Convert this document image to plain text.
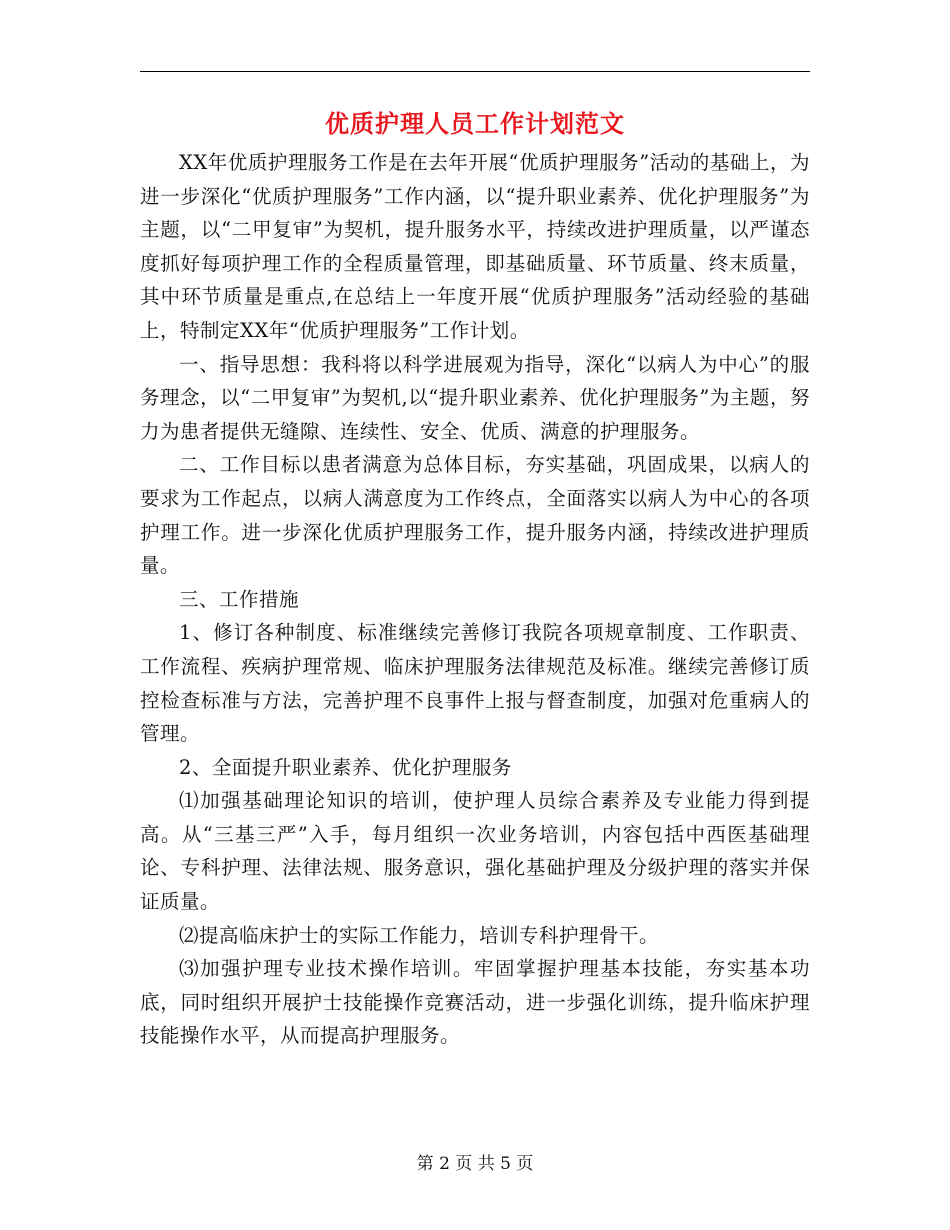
优质护理人员工作计划范文

XX年优质护理服务工作是在去年开展“优质护理服务”活动的基础上，为进一步深化“优质护理服务”工作内涵，以“提升职业素养、优化护理服务”为主题，以“二甲复审”为契机，提升服务水平，持续改进护理质量，以严谨态度抓好每项护理工作的全程质量管理，即基础质量、环节质量、终末质量，其中环节质量是重点,在总结上一年度开展“优质护理服务”活动经验的基础上，特制定XX年“优质护理服务”工作计划。

一、指导思想：我科将以科学进展观为指导，深化“以病人为中心”的服务理念，以“二甲复审”为契机,以“提升职业素养、优化护理服务”为主题，努力为患者提供无缝隙、连续性、安全、优质、满意的护理服务。

二、工作目标以患者满意为总体目标，夯实基础，巩固成果，以病人的要求为工作起点，以病人满意度为工作终点，全面落实以病人为中心的各项护理工作。进一步深化优质护理服务工作，提升服务内涵，持续改进护理质量。

三、工作措施

1、修订各种制度、标准继续完善修订我院各项规章制度、工作职责、工作流程、疾病护理常规、临床护理服务法律规范及标准。继续完善修订质控检查标准与方法，完善护理不良事件上报与督查制度，加强对危重病人的管理。

2、全面提升职业素养、优化护理服务

⑴加强基础理论知识的培训，使护理人员综合素养及专业能力得到提高。从“三基三严”入手，每月组织一次业务培训，内容包括中西医基础理论、专科护理、法律法规、服务意识，强化基础护理及分级护理的落实并保证质量。

⑵提高临床护士的实际工作能力，培训专科护理骨干。

⑶加强护理专业技术操作培训。牢固掌握护理基本技能，夯实基本功底，同时组织开展护士技能操作竞赛活动，进一步强化训练，提升临床护理技能操作水平，从而提高护理服务。

第 2 页 共 5 页
